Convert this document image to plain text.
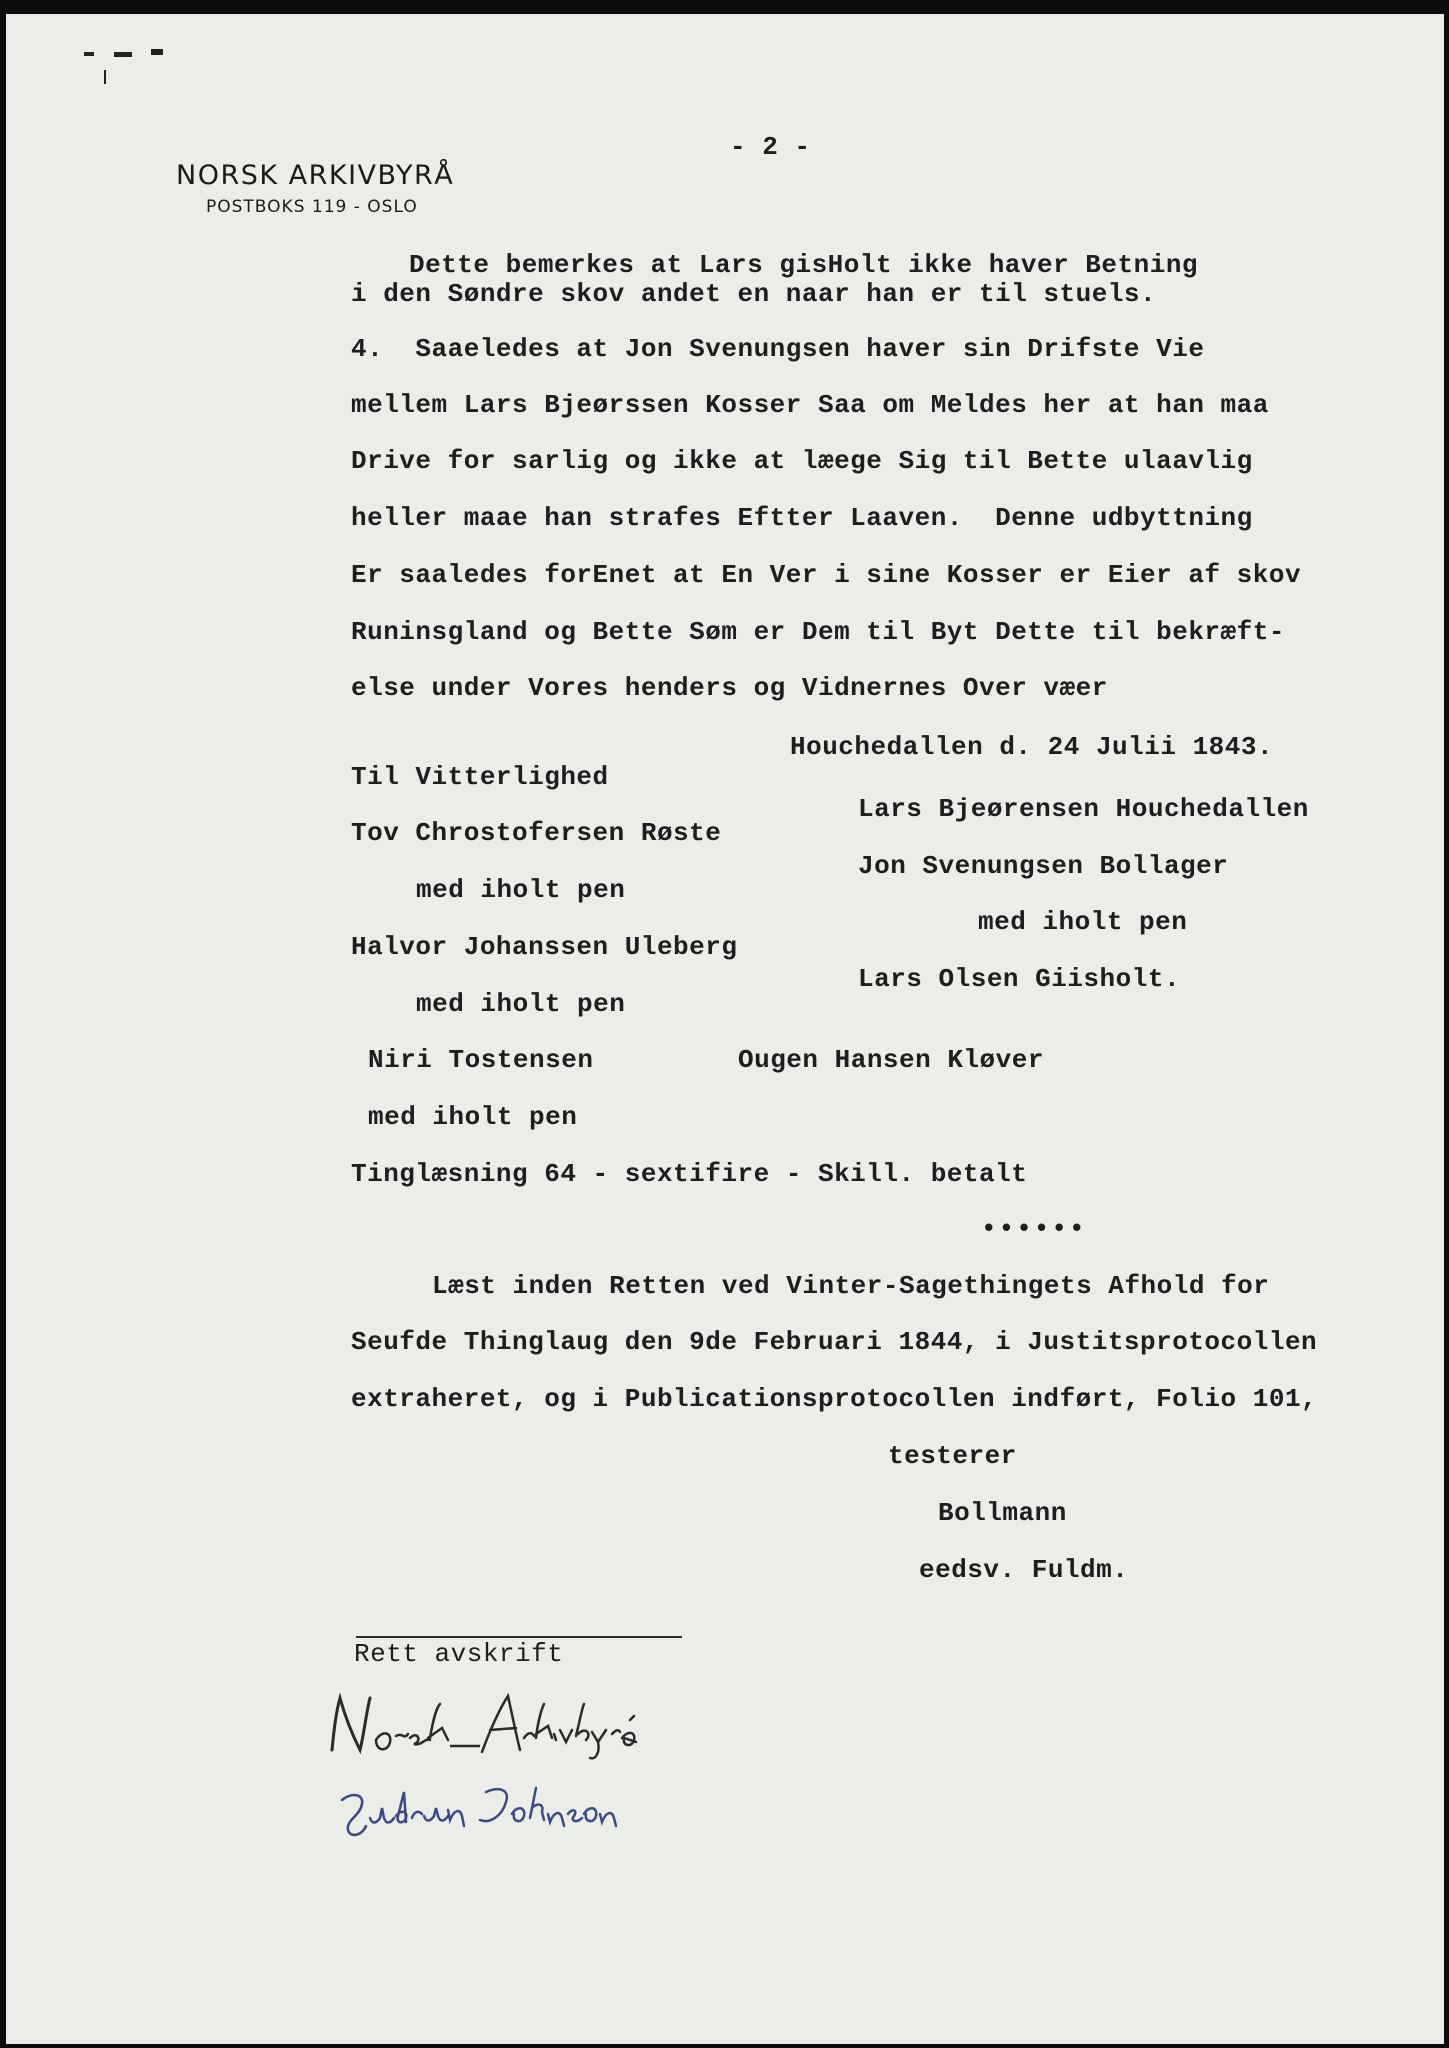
NORSK ARKIVBYRÅ
POSTBOKS 119 - OSLO
- 2 -
Dette bemerkes at Lars gisHolt ikke haver Betning
i den Søndre skov andet en naar han er til stuels.
4.  Saaeledes at Jon Svenungsen haver sin Drifste Vie
mellem Lars Bjeørssen Kosser Saa om Meldes her at han maa
Drive for sarlig og ikke at læege Sig til Bette ulaavlig
heller maae han strafes Eftter Laaven.  Denne udbyttning
Er saaledes forEnet at En Ver i sine Kosser er Eier af skov
Runinsgland og Bette Søm er Dem til Byt Dette til bekræft-
else under Vores henders og Vidnernes Over væer
Houchedallen d. 24 Julii 1843.
Til Vitterlighed
Tov Chrostofersen Røste
med iholt pen
Halvor Johanssen Uleberg
med iholt pen
Niri Tostensen
med iholt pen
Lars Bjeørensen Houchedallen
Jon Svenungsen Bollager
med iholt pen
Lars Olsen Giisholt.
Ougen Hansen Kløver
Tinglæsning 64 - sextifire - Skill. betalt
••••••
Læst inden Retten ved Vinter-Sagethingets Afhold for
Seufde Thinglaug den 9de Februari 1844, i Justitsprotocollen
extraheret, og i Publicationsprotocollen indført, Folio 101,
testerer
Bollmann
eedsv. Fuldm.
Rett avskrift
